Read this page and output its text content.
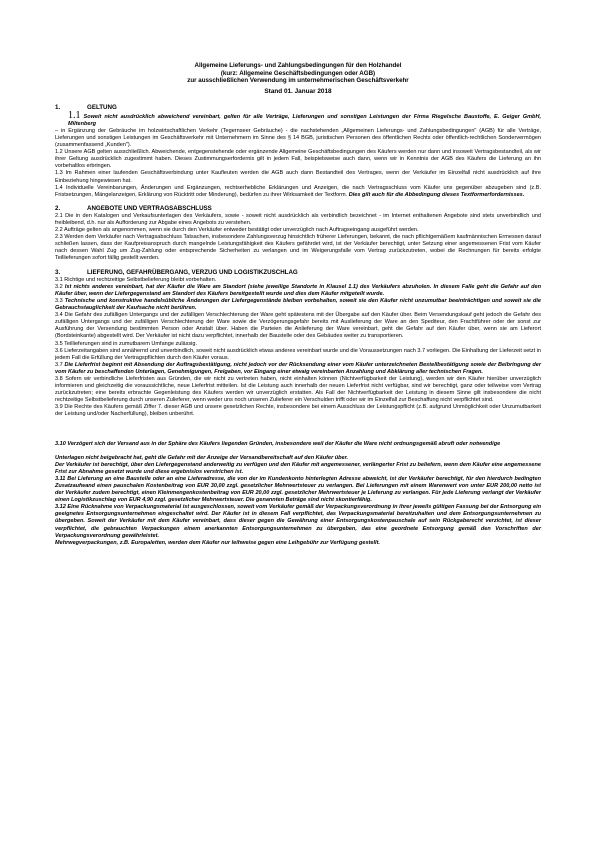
Allgemeine Lieferungs- und Zahlungsbedingungen für den Holzhandel
(kurz: Allgemeine Geschäftsbedingungen oder AGB)
zur ausschließlichen Verwendung im unternehmerischen Geschäftsverkehr
Stand 01. Januar 2018
1.	GELTUNG

1.1 Soweit nicht ausdrücklich abweichend vereinbart, gelten für alle Verträge, Lieferungen und sonstigen Leistungen der Firma Riegelsche Baustoffe, E. Geiger GmbH, Miltenberg

– in Ergänzung der Gebräuche im holzwirtschaftlichen Verkehr (Tegernseer Gebräuche) - die nachstehenden „Allgemeinen Lieferungs- und Zahlungsbedingungen" (AGB) für alle Verträge, Lieferungen und sonstigen Leistungen im Geschäftsverkehr mit Unternehmern im Sinne des § 14 BGB, juristischen Personen des öffentlichen Rechts oder öffentlich-rechtlichen Sondervermögen (zusammenfassend „Kunden").

1.2 Unsere AGB gelten ausschließlich. Abweichende, entgegenstehende oder ergänzende Allgemeine Geschäftsbedingungen des Käufers werden nur dann und insoweit Vertragsbestandteil, als wir ihrer Geltung ausdrücklich zugestimmt haben. Dieses Zustimmungserfordernis gilt in jedem Fall, beispielsweise auch dann, wenn wir in Kenntnis der AGB des Käufers die Lieferung an ihn vorbehaltlos erbringen.

1.3 Im Rahmen einer laufenden Geschäftsverbindung unter Kaufleuten werden die AGB auch dann Bestandteil des Vertrages, wenn der Verkäufer im Einzelfall nicht ausdrücklich auf ihre Einbeziehung hingewiesen hat.

1.4 Individuelle Vereinbarungen, Änderungen und Ergänzungen, rechtserhebliche Erklärungen und Anzeigen, die nach Vertragsschluss vom Käufer uns gegenüber abzugeben sind (z.B. Fristsetzungen, Mängelanzeigen, Erklärung von Rücktritt oder Minderung), bedürfen zu ihrer Wirksamkeit der Textform. Dies gilt auch für die Abbedingung dieses Textformerfordernisses.

2.	ANGEBOTE UND VERTRAGSABSCHLUSS

2.1 Die in den Katalogen und Verkaufsunterlagen des Verkäufers, sowie - soweit nicht ausdrücklich als verbindlich bezeichnet - im Internet enthaltenen Angebote sind stets unverbindlich und freibleibend, d.h. nur als Aufforderung zur Abgabe eines Angebots zu verstehen.

2.2 Aufträge gelten als angenommen, wenn sie durch den Verkäufer entweder bestätigt oder unverzüglich nach Auftragseingang ausgeführt werden.

2.3 Werden dem Verkäufer nach Vertragsabschluss Tatsachen, insbesondere Zahlungsverzug hinsichtlich früherer Lieferungen, bekannt, die nach pflichtgemäßem kaufmännischen Ermessen darauf schließen lassen, dass der Kaufpreisanspruch durch mangelnde Leistungsfähigkeit des Käufers gefährdet wird, ist der Verkäufer berechtigt, unter Setzung einer angemessenen Frist vom Käufer nach dessen Wahl Zug um Zug-Zahlung oder entsprechende Sicherheiten zu verlangen und im Weigerungsfalle vom Vertrag zurückzutreten, wobei die Rechnungen für bereits erfolgte Teillieferungen sofort fällig gestellt werden.

3.	LIEFERUNG, GEFAHRÜBERGANG, VERZUG UND LOGISTIKZUSCHLAG

3.1 Richtige und rechtzeitige Selbstbelieferung bleibt vorbehalten.

3.2 Ist nichts anderes vereinbart, hat der Käufer die Ware am Standort (siehe jeweilige Standorte in Klausel 1.1) des Verkäufers abzuholen. In diesem Falle geht die Gefahr auf den Käufer über, wenn der Liefergegenstand am Standort des Käufers bereitgestellt wurde und dies dem Käufer mitgeteilt wurde.

3.3 Technische und konstruktive handelsübliche Änderungen der Liefergegenstände bleiben vorbehalten, soweit sie den Käufer nicht unzumutbar beeinträchtigen und soweit sie die Gebrauchstauglichkeit der Kaufsache nicht berühren.

3.4 Die Gefahr des zufälligen Untergangs und der zufälligen Verschlechterung der Ware geht spätestens mit der Übergabe auf den Käufer über. Beim Versendungskauf geht jedoch die Gefahr des zufälligen Untergangs und der zufälligen Verschlechterung der Ware sowie die Verzögerungsgefahr bereits mit Auslieferung der Ware an den Spediteur, den Frachtführer oder der sonst zur Ausführung der Versendung bestimmten Person oder Anstalt über. Haben die Parteien die Anlieferung der Ware vereinbart, geht die Gefahr auf den Käufer über, wenn sie am Lieferort (Bordsteinkante) abgestellt wird. Der Verkäufer ist nicht dazu verpflichtet, innerhalb der Baustelle oder des Gebäudes weiter zu transportieren.

3.5 Teillieferungen sind in zumutbarem Umfange zulässig.

3.6 Lieferzeitangaben sind annähernd und unverbindlich, soweit nicht ausdrücklich etwas anderes vereinbart wurde und die Voraussetzungen nach 3.7 vorliegen. Die Einhaltung der Lieferzeit setzt in jedem Fall die Erfüllung der Vertragspflichten durch den Käufer voraus.

3.7 Die Lieferfrist beginnt mit Absendung der Auftragsbestätigung, nicht jedoch vor der Rücksendung einer vom Käufer unterzeichneten Bestellbestätigung sowie der Beibringung der vom Käufer zu beschaffenden Unterlagen, Genehmigungen, Freigaben, vor Eingang einer etwaig vereinbarten Anzahlung und Abklärung aller technischen Fragen.

3.8 Sofern wir verbindliche Lieferfristen aus Gründen, die wir nicht zu vertreten haben, nicht einhalten können (Nichtverfügbarkeit der Leistung), werden wir den Käufer hierüber unverzüglich informieren und gleichzeitig die voraussichtliche, neue Lieferfrist mitteilen. Ist die Leistung auch innerhalb der neuen Lieferfrist nicht verfügbar, sind wir berechtigt, ganz oder teilweise vom Vertrag zurückzutreten; eine bereits erbrachte Gegenleistung des Käufers werden wir unverzüglich erstatten. Als Fall der Nichtverfügbarkeit der Leistung in diesem Sinne gilt insbesondere die nicht rechtzeitige Selbstbelieferung durch unseren Zulieferer, wenn weder uns noch unseren Zulieferer ein Verschulden trifft oder wir im Einzelfall zur Beschaffung nicht verpflichtet sind.

3.9 Die Rechte des Käufers gemäß Ziffer 7. dieser AGB und unsere gesetzlichen Rechte, insbesondere bei einem Ausschluss der Leistungspflicht (z.B. aufgrund Unmöglichkeit oder Unzumutbarkeit der Leistung und/oder Nacherfüllung), bleiben unberührt.

3.10 Verzögert sich der Versand aus in der Sphäre des Käufers liegenden Gründen, insbesondere weil der Käufer die Ware nicht ordnungsgemäß abruft oder notwendige

Unterlagen nicht beigebracht hat, geht die Gefahr mit der Anzeige der Versandbereitschaft auf den Käufer über.

Der Verkäufer ist berechtigt, über den Liefergegenstand anderweitig zu verfügen und den Käufer mit angemessener, verlängerter Frist zu beliefern, wenn dem Käufer eine angemessene Frist zur Abnahme gesetzt wurde und diese ergebnislos verstrichen ist.

3.11 Bei Lieferung an eine Baustelle oder an eine Lieferadresse, die von der im Kundenkonto hinterlegten Adresse abweicht, ist der Verkäufer berechtigt, für den hierdurch bedingten Zusatzaufwand einen pauschalen Kostenbeitrag von EUR 30,00 zzgl. gesetzlicher Mehrwertsteuer zu verlangen. Bei Lieferungen mit einem Warenwert von unter EUR 200,00 netto ist der Verkäufer zudem berechtigt, einen Kleinmengenkostenbeitrag von EUR 20,00 zzgl. gesetzlicher Mehrwertsteuer je Lieferung zu verlangen. Für jede Lieferung verlangt der Verkäufer einen Logistikzuschlag von EUR 4,90 zzgl. gesetzlicher Mehrwertsteuer. Die genannten Beträge sind nicht skontierfähig.

3.12 Eine Rücknahme von Verpackungsmaterial ist ausgeschlossen, soweit vom Verkäufer gemäß der Verpackungsverordnung in ihrer jeweils gültigen Fassung bei der Entsorgung ein geeignetes Entsorgungsunternehmen eingeschaltet wird. Der Käufer ist in diesem Fall verpflichtet, das Verpackungsmaterial bereitzuhalten und dem Entsorgungsunternehmen zu übergeben. Soweit der Verkäufer mit dem Käufer vereinbart, dass dieser gegen die Gewährung einer Entsorgungskostenpauschale auf sein Rückgaberecht verzichtet, ist dieser verpflichtet, die gebrauchten Verpackungen einem anerkannten Entsorgungsunternehmen zu übergeben, das eine geordnete Entsorgung gemäß den Vorschriften der Verpackungsverordnung gewährleistet.

Mehrwegverpackungen, z.B. Europaletten, werden dem Käufer nur leihweise gegen eine Leihgebühr zur Verfügung gestellt.
